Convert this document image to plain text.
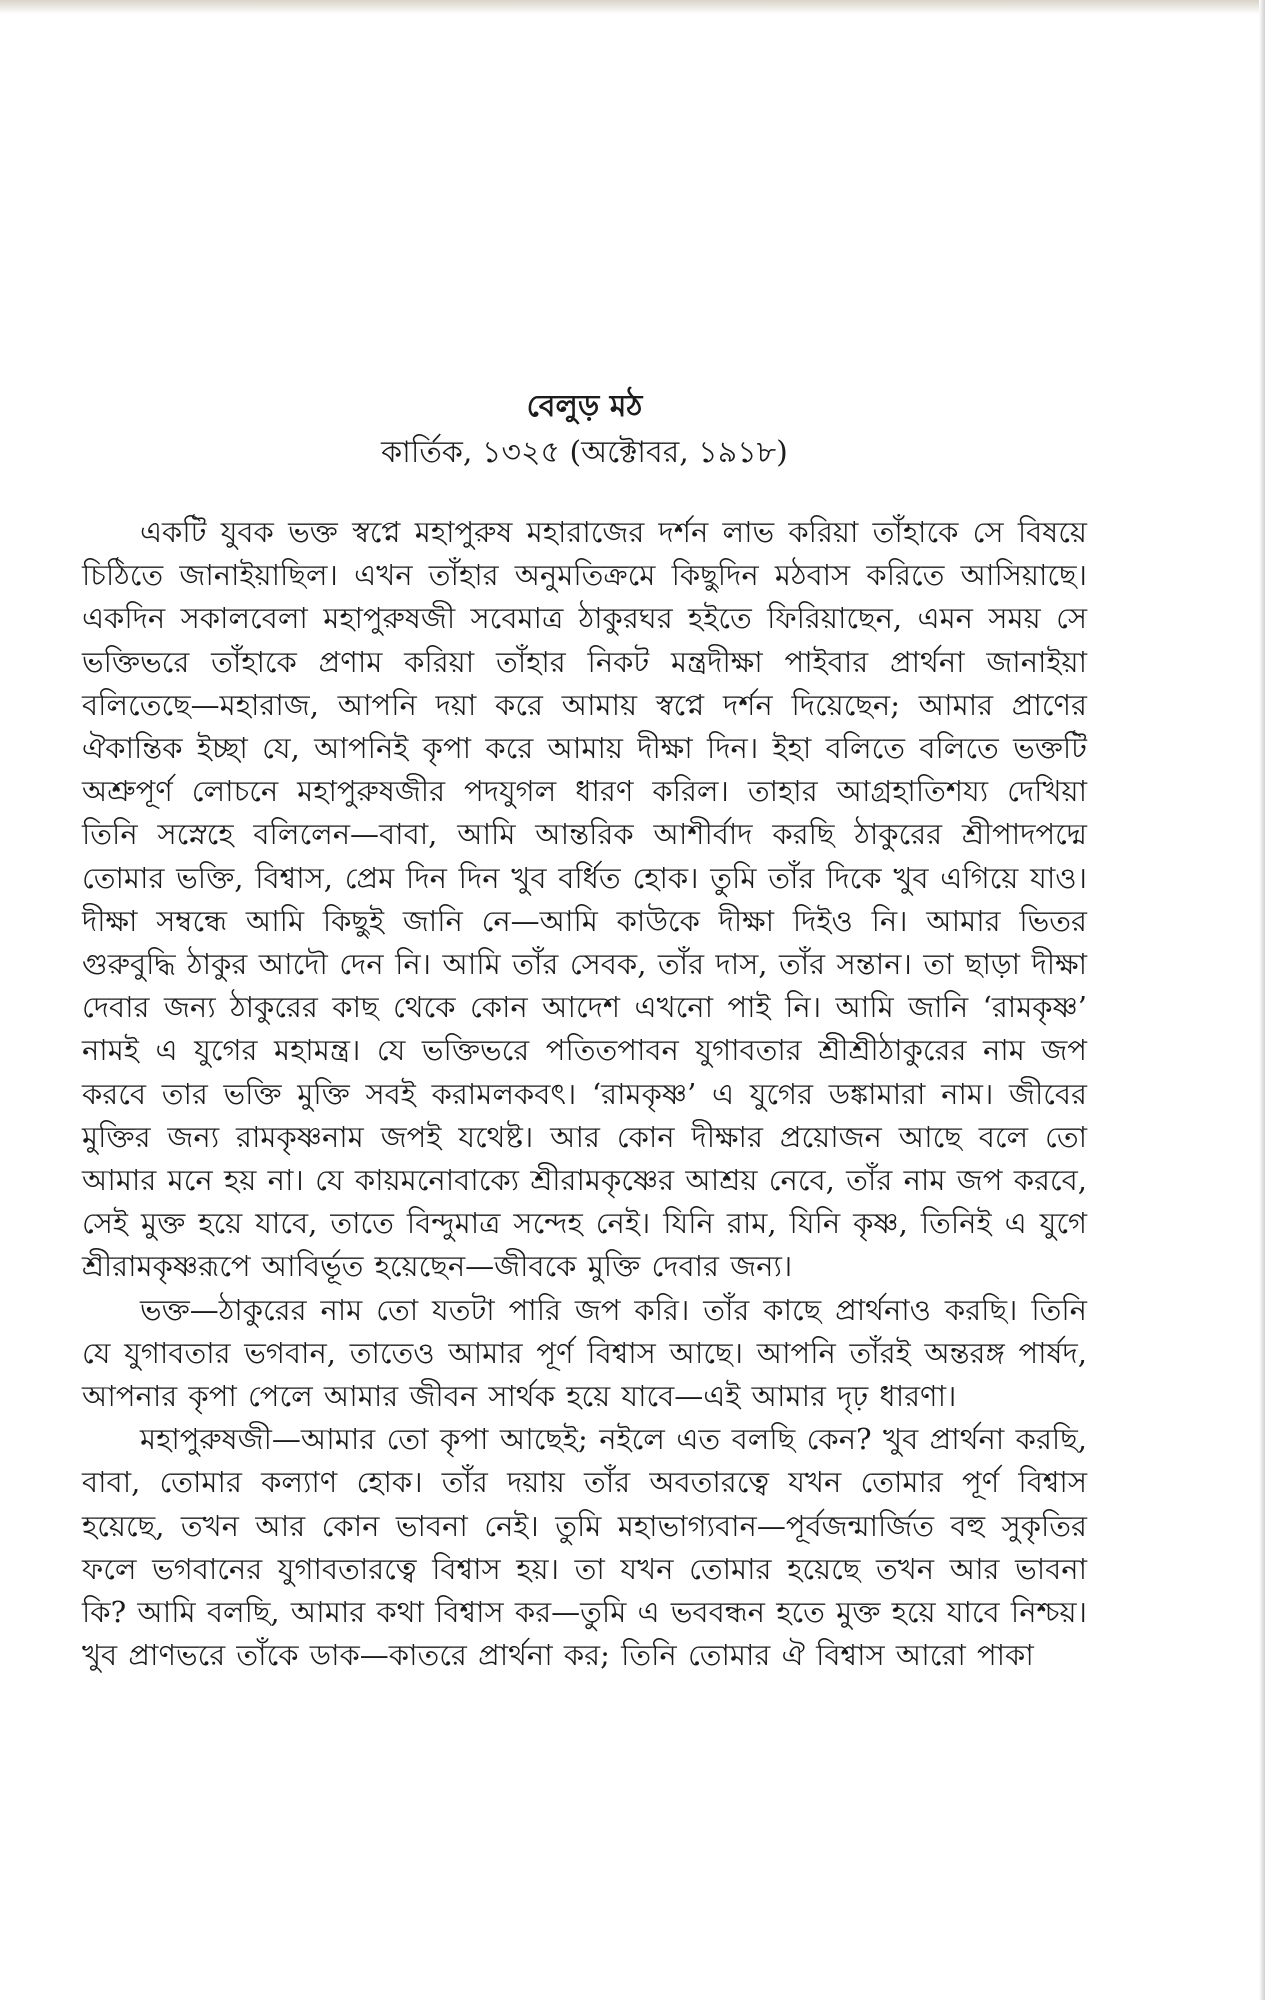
বেলুড় মঠ

কার্তিক, ১৩২৫ (অক্টোবর, ১৯১৮)

একটি যুবক ভক্ত স্বপ্নে মহাপুরুষ মহারাজের দর্শন লাভ করিয়া তাঁহাকে সে বিষয়ে চিঠিতে জানাইয়াছিল। এখন তাঁহার অনুমতিক্রমে কিছুদিন মঠবাস করিতে আসিয়াছে। একদিন সকালবেলা মহাপুরুষজী সবেমাত্র ঠাকুরঘর হইতে ফিরিয়াছেন, এমন সময় সে ভক্তিভরে তাঁহাকে প্রণাম করিয়া তাঁহার নিকট মন্ত্রদীক্ষা পাইবার প্রার্থনা জানাইয়া বলিতেছে—মহারাজ, আপনি দয়া করে আমায় স্বপ্নে দর্শন দিয়েছেন; আমার প্রাণের ঐকান্তিক ইচ্ছা যে, আপনিই কৃপা করে আমায় দীক্ষা দিন। ইহা বলিতে বলিতে ভক্তটি অশ্রুপূর্ণ লোচনে মহাপুরুষজীর পদযুগল ধারণ করিল। তাহার আগ্রহাতিশয্য দেখিয়া তিনি সস্নেহে বলিলেন—বাবা, আমি আন্তরিক আশীর্বাদ করছি ঠাকুরের শ্রীপাদপদ্মে তোমার ভক্তি, বিশ্বাস, প্রেম দিন দিন খুব বর্ধিত হোক। তুমি তাঁর দিকে খুব এগিয়ে যাও। দীক্ষা সম্বন্ধে আমি কিছুই জানি নে—আমি কাউকে দীক্ষা দিইও নি। আমার ভিতর গুরুবুদ্ধি ঠাকুর আদৌ দেন নি। আমি তাঁর সেবক, তাঁর দাস, তাঁর সন্তান। তা ছাড়া দীক্ষা দেবার জন্য ঠাকুরের কাছ থেকে কোন আদেশ এখনো পাই নি। আমি জানি ‘রামকৃষ্ণ’ নামই এ যুগের মহামন্ত্র। যে ভক্তিভরে পতিতপাবন যুগাবতার শ্রীশ্রীঠাকুরের নাম জপ করবে তার ভক্তি মুক্তি সবই করামলকবৎ। ‘রামকৃষ্ণ’ এ যুগের ডঙ্কামারা নাম। জীবের মুক্তির জন্য রামকৃষ্ণনাম জপই যথেষ্ট। আর কোন দীক্ষার প্রয়োজন আছে বলে তো আমার মনে হয় না। যে কায়মনোবাক্যে শ্রীরামকৃষ্ণের আশ্রয় নেবে, তাঁর নাম জপ করবে, সেই মুক্ত হয়ে যাবে, তাতে বিন্দুমাত্র সন্দেহ নেই। যিনি রাম, যিনি কৃষ্ণ, তিনিই এ যুগে শ্রীরামকৃষ্ণরূপে আবির্ভূত হয়েছেন—জীবকে মুক্তি দেবার জন্য।

ভক্ত—ঠাকুরের নাম তো যতটা পারি জপ করি। তাঁর কাছে প্রার্থনাও করছি। তিনি যে যুগাবতার ভগবান, তাতেও আমার পূর্ণ বিশ্বাস আছে। আপনি তাঁরই অন্তরঙ্গ পার্ষদ, আপনার কৃপা পেলে আমার জীবন সার্থক হয়ে যাবে—এই আমার দৃঢ় ধারণা।

মহাপুরুষজী—আমার তো কৃপা আছেই; নইলে এত বলছি কেন? খুব প্রার্থনা করছি, বাবা, তোমার কল্যাণ হোক। তাঁর দয়ায় তাঁর অবতারত্বে যখন তোমার পূর্ণ বিশ্বাস হয়েছে, তখন আর কোন ভাবনা নেই। তুমি মহাভাগ্যবান—পূর্বজন্মার্জিত বহু সুকৃতির ফলে ভগবানের যুগাবতারত্বে বিশ্বাস হয়। তা যখন তোমার হয়েছে তখন আর ভাবনা কি? আমি বলছি, আমার কথা বিশ্বাস কর—তুমি এ ভববন্ধন হতে মুক্ত হয়ে যাবে নিশ্চয়। খুব প্রাণভরে তাঁকে ডাক—কাতরে প্রার্থনা কর; তিনি তোমার ঐ বিশ্বাস আরো পাকা
